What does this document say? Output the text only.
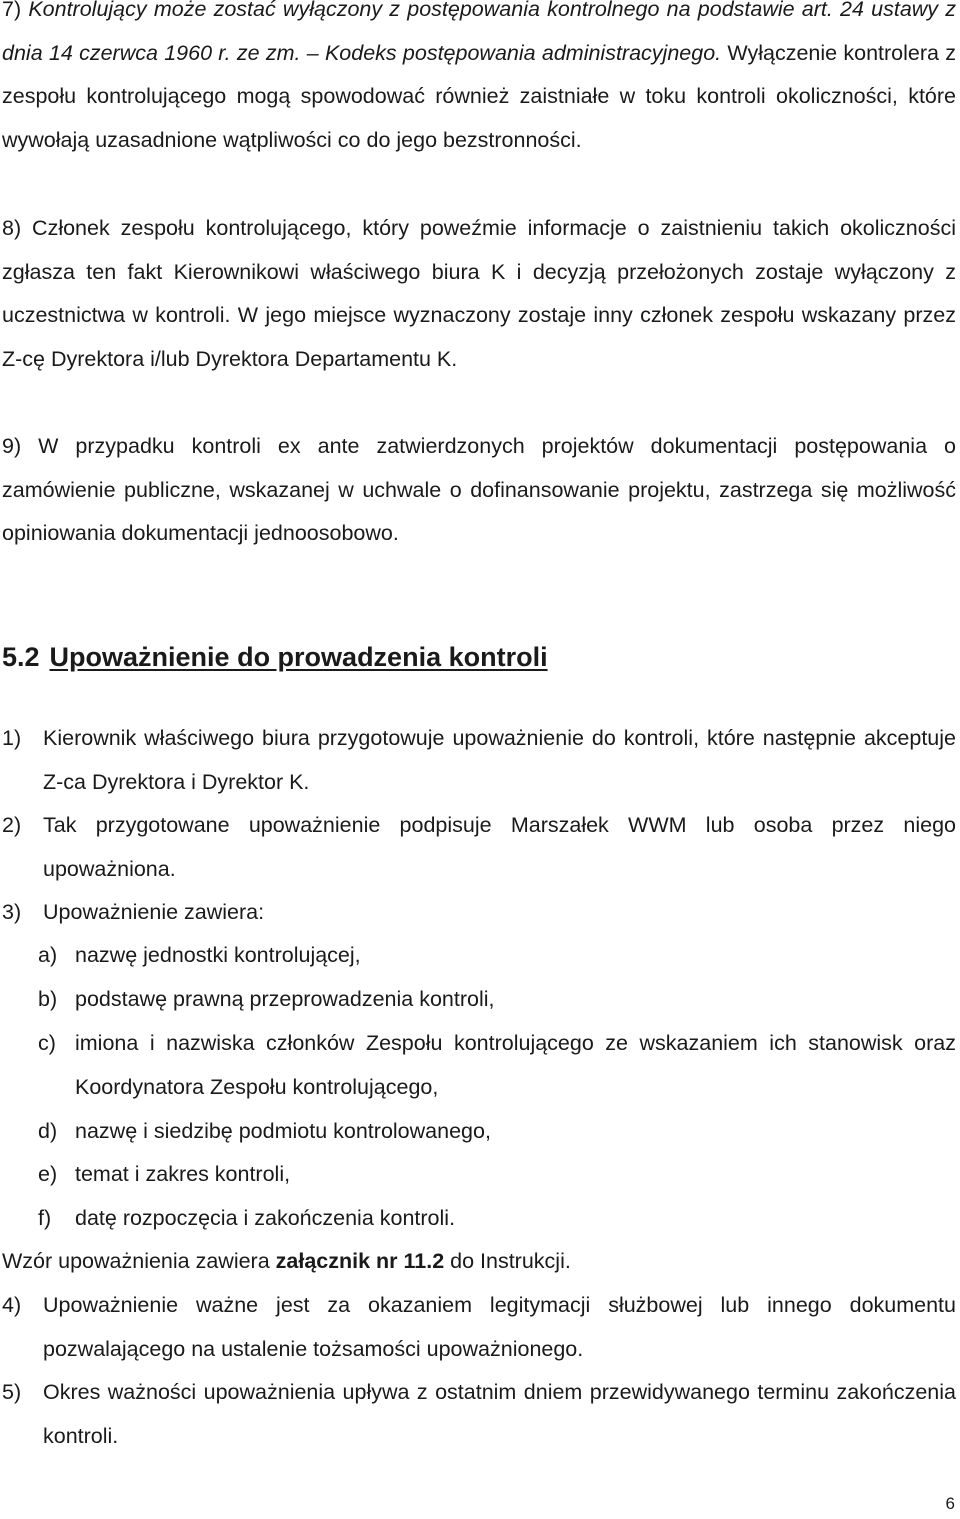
7) Kontrolujący może zostać wyłączony z postępowania kontrolnego na podstawie art. 24 ustawy z dnia 14 czerwca 1960 r. ze zm. – Kodeks postępowania administracyjnego. Wyłączenie kontrolera z zespołu kontrolującego mogą spowodować również zaistniałe w toku kontroli okoliczności, które wywołają uzasadnione wątpliwości co do jego bezstronności.
8) Członek zespołu kontrolującego, który poweźmie informacje o zaistnieniu takich okoliczności zgłasza ten fakt Kierownikowi właściwego biura K i decyzją przełożonych zostaje wyłączony z uczestnictwa w kontroli. W jego miejsce wyznaczony zostaje inny członek zespołu wskazany przez Z-cę Dyrektora i/lub Dyrektora Departamentu K.
9) W przypadku kontroli ex ante zatwierdzonych projektów dokumentacji postępowania o zamówienie publiczne, wskazanej w uchwale o dofinansowanie projektu, zastrzega się możliwość opiniowania dokumentacji jednoosobowo.
5.2 Upoważnienie do prowadzenia kontroli
1)	Kierownik właściwego biura przygotowuje upoważnienie do kontroli, które następnie akceptuje Z-ca Dyrektora i Dyrektor K.
2)	Tak przygotowane upoważnienie podpisuje Marszałek WWM lub osoba przez niego upoważniona.
3)	Upoważnienie zawiera:
a) nazwę jednostki kontrolującej,
b) podstawę prawną przeprowadzenia kontroli,
c) imiona i nazwiska członków Zespołu kontrolującego ze wskazaniem ich stanowisk oraz Koordynatora Zespołu kontrolującego,
d) nazwę i siedzibę podmiotu kontrolowanego,
e) temat i zakres kontroli,
f)	datę rozpoczęcia i zakończenia kontroli.
Wzór upoważnienia zawiera załącznik nr 11.2 do Instrukcji.
4)	Upoważnienie ważne jest za okazaniem legitymacji służbowej lub innego dokumentu pozwalającego na ustalenie tożsamości upoważnionego.
5)	Okres ważności upoważnienia upływa z ostatnim dniem przewidywanego terminu zakończenia kontroli.
6
